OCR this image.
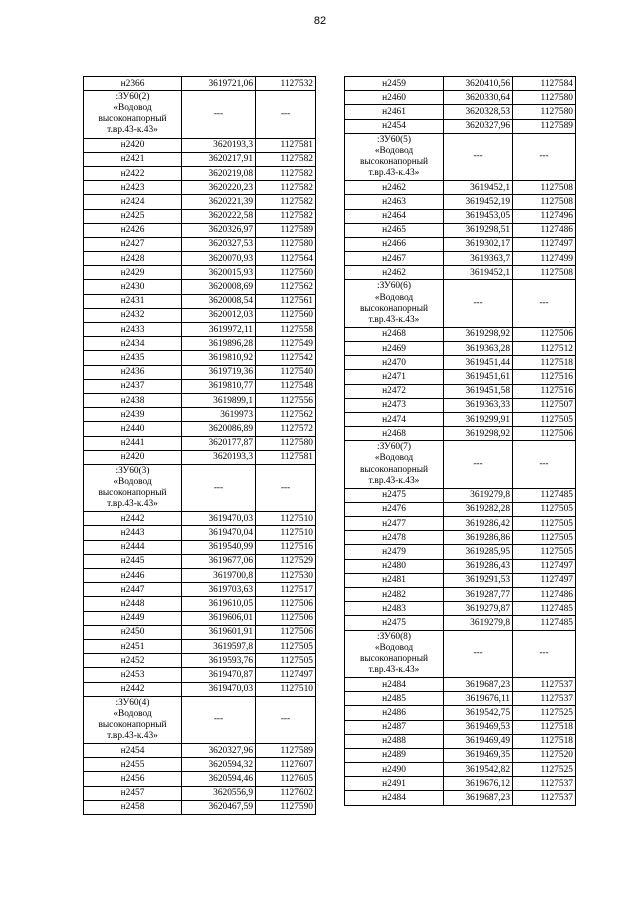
82
н2366	3619721,06	1127532
:ЗУ60(2)
«Водовод высоконапорный т.вр.43-к.43»	---	---
н2420	3620193,3	1127581
н2421	3620217,91	1127582
н2422	3620219,08	1127582
н2423	3620220,23	1127582
н2424	3620221,39	1127582
н2425	3620222,58	1127582
н2426	3620326,97	1127589
н2427	3620327,53	1127580
н2428	3620070,93	1127564
н2429	3620015,93	1127560
н2430	3620008,69	1127562
н2431	3620008,54	1127561
н2432	3620012,03	1127560
н2433	3619972,11	1127558
н2434	3619896,28	1127549
н2435	3619810,92	1127542
н2436	3619719,36	1127540
н2437	3619810,77	1127548
н2438	3619899,1	1127556
н2439	3619973	1127562
н2440	3620086,89	1127572
н2441	3620177,87	1127580
н2420	3620193,3	1127581
:ЗУ60(3)
«Водовод высоконапорный т.вр.43-к.43»	---	---
н2442	3619470,03	1127510
н2443	3619470,04	1127510
н2444	3619540,99	1127516
н2445	3619677,06	1127529
н2446	3619700,8	1127530
н2447	3619703,63	1127517
н2448	3619610,05	1127506
н2449	3619606,01	1127506
н2450	3619601,91	1127506
н2451	3619597,8	1127505
н2452	3619593,76	1127505
н2453	3619470,87	1127497
н2442	3619470,03	1127510
:ЗУ60(4)
«Водовод высоконапорный т.вр.43-к.43»	---	---
н2454	3620327,96	1127589
н2455	3620594,32	1127607
н2456	3620594,46	1127605
н2457	3620556,9	1127602
н2458	3620467,59	1127590
н2459	3620410,56	1127584
н2460	3620330,64	1127580
н2461	3620328,53	1127580
н2454	3620327,96	1127589
:ЗУ60(5)
«Водовод высоконапорный т.вр.43-к.43»	---	---
н2462	3619452,1	1127508
н2463	3619452,19	1127508
н2464	3619453,05	1127496
н2465	3619298,51	1127486
н2466	3619302,17	1127497
н2467	3619363,7	1127499
н2462	3619452,1	1127508
:ЗУ60(6)
«Водовод высоконапорный т.вр.43-к.43»	---	---
н2468	3619298,92	1127506
н2469	3619363,28	1127512
н2470	3619451,44	1127518
н2471	3619451,61	1127516
н2472	3619451,58	1127516
н2473	3619363,33	1127507
н2474	3619299,91	1127505
н2468	3619298,92	1127506
:ЗУ60(7)
«Водовод высоконапорный т.вр.43-к.43»	---	---
н2475	3619279,8	1127485
н2476	3619282,28	1127505
н2477	3619286,42	1127505
н2478	3619286,86	1127505
н2479	3619285,95	1127505
н2480	3619286,43	1127497
н2481	3619291,53	1127497
н2482	3619287,77	1127486
н2483	3619279,87	1127485
н2475	3619279,8	1127485
:ЗУ60(8)
«Водовод высоконапорный т.вр.43-к.43»	---	---
н2484	3619687,23	1127537
н2485	3619676,11	1127537
н2486	3619542,75	1127525
н2487	3619469,53	1127518
н2488	3619469,49	1127518
н2489	3619469,35	1127520
н2490	3619542,82	1127525
н2491	3619676,12	1127537
н2484	3619687,23	1127537
